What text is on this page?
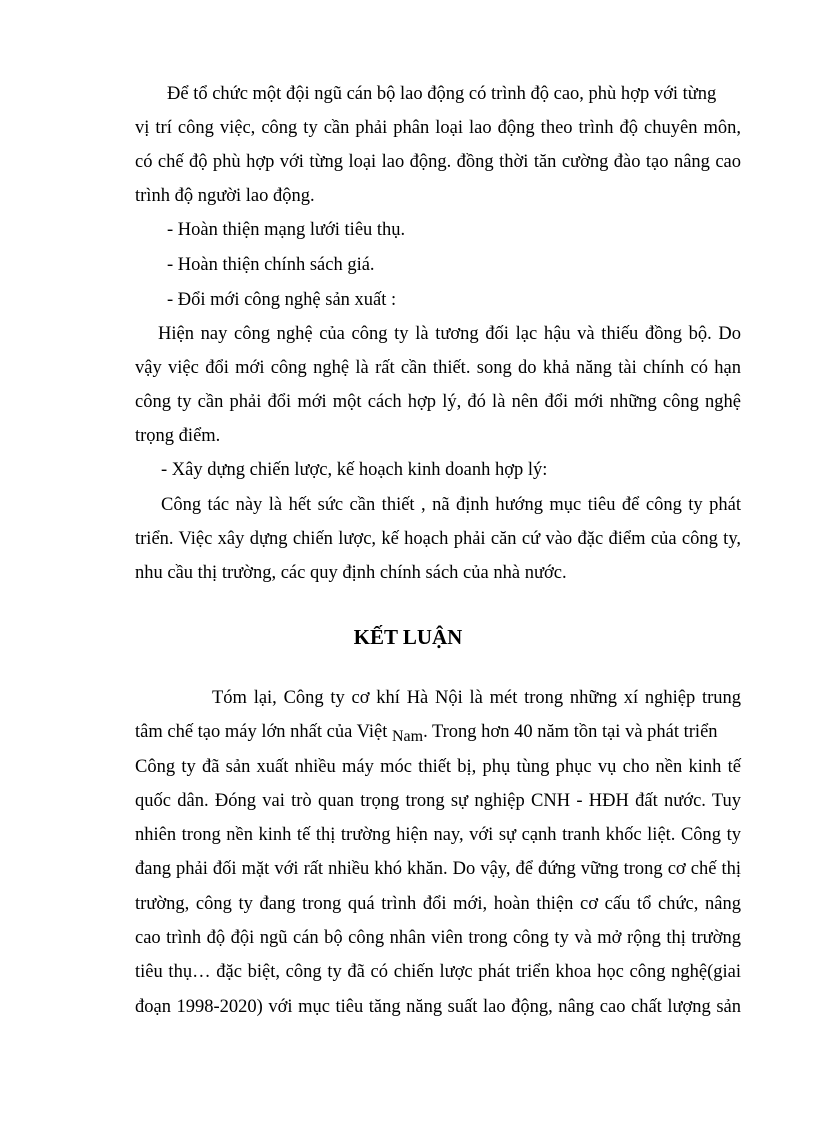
Để tổ chức một đội ngũ cán bộ lao động có trình độ cao, phù hợp với từng
vị trí công việc, công ty cần phải phân loại lao động theo trình độ chuyên môn,
có chế độ phù hợp với từng loại lao động. đồng thời tăn cường đào tạo nâng cao
trình độ người lao động.
- Hoàn thiện mạng lưới tiêu thụ.
- Hoàn thiện chính sách giá.
- Đổi mới công nghệ sản xuất :
Hiện nay công nghệ của công ty là tương đối lạc hậu và thiếu đồng bộ. Do
vậy việc đổi mới công nghệ là rất cần thiết. song do khả năng tài chính có hạn
công ty cần phải đổi mới một cách hợp lý, đó là nên đổi mới những công nghệ
trọng điểm.
- Xây dựng chiến lược, kế hoạch kinh doanh hợp lý:
Công tác này là hết sức cần thiết , nã định hướng mục tiêu để công ty phát
triển. Việc xây dựng chiến lược, kế hoạch phải căn cứ vào đặc điểm của công ty,
nhu cầu thị trường, các quy định chính sách của nhà nước.
KẾT LUẬN
Tóm lại, Công ty cơ khí Hà Nội là mét trong những xí nghiệp trung
tâm chế tạo máy lớn nhất của Việt Nam. Trong hơn 40 năm tồn tại và phát triển
Công ty đã sản xuất nhiều máy móc thiết bị, phụ tùng phục vụ cho nền kinh tế
quốc dân. Đóng vai trò quan trọng trong sự nghiệp CNH - HĐH đất nước. Tuy
nhiên trong nền kinh tế thị trường hiện nay, với sự cạnh tranh khốc liệt. Công ty
đang phải đối mặt với rất nhiều khó khăn. Do vậy, để đứng vững trong cơ chế thị
trường, công ty đang trong quá trình đổi mới, hoàn thiện cơ cấu tổ chức, nâng
cao trình độ đội ngũ cán bộ công nhân viên trong công ty và mở rộng thị trường
tiêu thụ… đặc biệt, công ty đã có chiến lược phát triển khoa học công nghệ(giai
đoạn 1998-2020) với mục tiêu tăng năng suất lao động, nâng cao chất lượng sản
